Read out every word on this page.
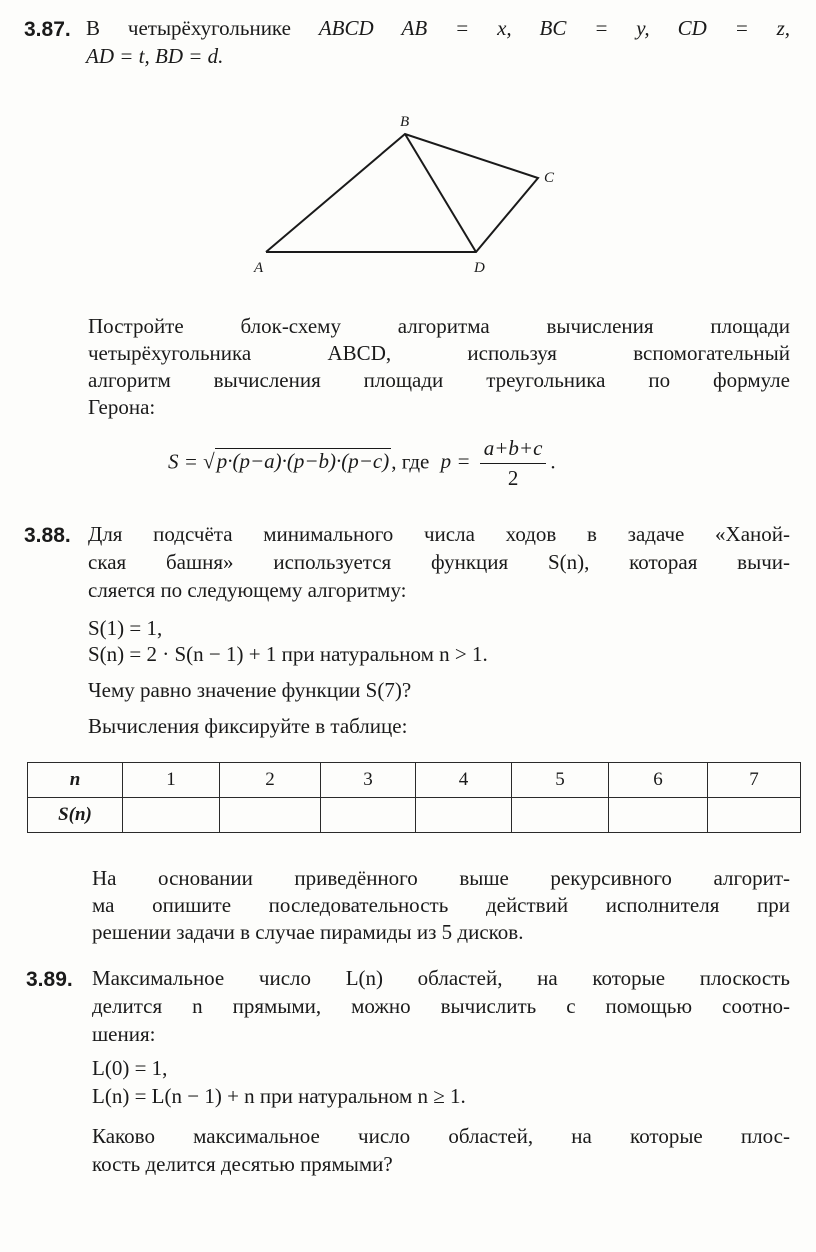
3.87. В четырёхугольнике ABCD AB = x, BC = y, CD = z,
AD = t, BD = d.
B
C
A	D
Постройте блок-схему алгоритма вычисления площади
четырёхугольника ABCD, используя вспомогательный
алгоритм вычисления площади треугольника по формуле
Герона:
S = √p·(p−a)·(p−b)·(p−c), где $p = \frac{a+b+c}{2}$ .
3.88. Для подсчёта минимального числа ходов в задаче «Ханой-
ская башня» используется функция S(n), которая вычи-
сляется по следующему алгоритму:
S(1) = 1,
S(n) = 2 · S(n − 1) + 1 при натуральном n > 1.
Чему равно значение функции S(7)?
Вычисления фиксируйте в таблице:
n	1	2	3	4	5	6	7
S(n)							
На основании приведённого выше рекурсивного алгорит-
ма опишите последовательность действий исполнителя при
решении задачи в случае пирамиды из 5 дисков.
3.89. Максимальное число L(n) областей, на которые плоскость
делится n прямыми, можно вычислить с помощью соотно-
шения:
L(0) = 1,
L(n) = L(n − 1) + n при натуральном n ≥ 1.
Каково максимальное число областей, на которые плос-
кость делится десятью прямыми?
